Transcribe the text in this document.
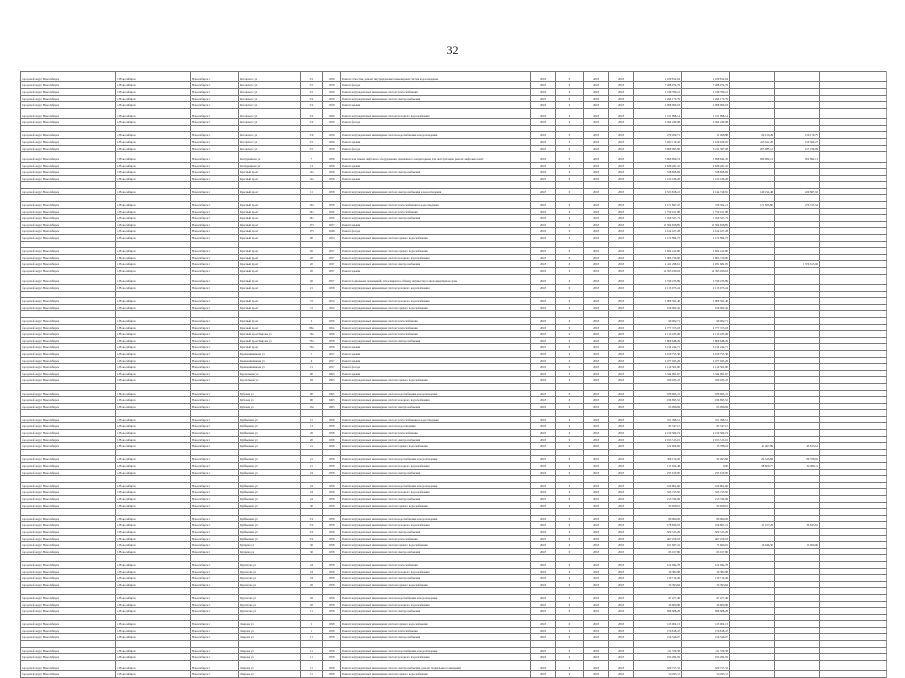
32
городской округ Новосибирск	г. Новосибирск	Новосибирск г	Котовского ул	5/1	1959	Ремонт отмостки, ремонт внутридомовых инженерных систем водоотведения	2018	0	2018	2018	1 108 812,04	1 108 812,04			
городской округ Новосибирск	г. Новосибирск	Новосибирск г	Котовского ул	5/1	1959	Ремонт фасада	2018	0	2018	2018	7 268 074,76	7 268 074,76			
городской округ Новосибирск	г. Новосибирск	Новосибирск г	Котовского ул	5/1	1959	Ремонт внутридомовых инженерных систем теплоснабжения	2018	0	2018	2018	1 198 780,21	1 198 780,21			
городской округ Новосибирск	г. Новосибирск	Новосибирск г	Котовского ул	5/2	1959	Ремонт внутридомовых инженерных систем электроснабжения	2018	0	2018	2018	1 294 172,79	1 294 172,79			
городской округ Новосибирск	г. Новосибирск	Новосибирск г	Котовского ул	5/2	1959	Ремонт крыши	2018	0	2018	2018	1 998 066,03	1 998 066,03			
городской округ Новосибирск	г. Новосибирск	Новосибирск г	Котовского ул	5/2	1959	Ремонт внутридомовых инженерных систем холодного водоснабжения	2018	0	2018	2018	1 011 898,14	1 011 898,14			
городской округ Новосибирск	г. Новосибирск	Новосибирск г	Котовского ул	5/2	1959	Ремонт фасада	2018	0	2018	2018	4 594 430,08	4 594 430,08			

городской округ Новосибирск	г. Новосибирск	Новосибирск г	Котовского ул	5/6	1959	Ремонт внутридомовых инженерных систем водоснабжения и водоотведения	2018	0	2018	2018	270 260,71	51 068,88	69 150,49	150 176,75	
городской округ Новосибирск	г. Новосибирск	Новосибирск г	Котовского ул	5/1	1959	Ремонт крыши	2018	0	2018	2018	5 022 119,42	1 619 029,05	415 611,20	150 506,27	
городской округ Новосибирск	г. Новосибирск	Новосибирск г	Котовского ул	5/1	1959	Ремонт фасада	2018	0	2018	2018	3 909 065,96	3 211 367,08	263 985,12	157 239,09	
городской округ Новосибирск	г. Новосибирск	Новосибирск г	Кошурникова ул	7	1958	Ремонт или замена лифтового оборудования, признанного непригодным для эксплуатации, ремонт лифтовых шахт	2018	0	2018	2018	3 860 696,74	1 998 642,45	999 982,13	952 892,13	
городской округ Новосибирск	г. Новосибирск	Новосибирск г	Кошурникова ул	13	1958	Ремонт крыши	2018	0	2018	2018	2 638 491,41	2 638 491,41			
городской округ Новосибирск	г. Новосибирск	Новосибирск г	Красный пр-кт	12а	1958	Ремонт внутридомовых инженерных систем электроснабжения	2018	0	2018	2018	538 858,69	538 858,69			
городской округ Новосибирск	г. Новосибирск	Новосибирск г	Красный пр-кт	12а	1958	Ремонт крыши	2018	0	2018	2018	1 123 166,26	1 123 166,26			

городской округ Новосибирск	г. Новосибирск	Новосибирск г	Красный пр-кт	11	1958	Ремонт внутридомовых инженерных систем электроснабжения и водоотведения	2018	0	2018	2018	2 523 818,21	2 144 749,81	149 192,46	229 867,92	

городской округ Новосибирск	г. Новосибирск	Новосибирск г	Красный пр-кт	19а	1956	Ремонт внутридомовых инженерных систем теплоснабжения и водоотведения	2018	0	2018	2018	1 171 897,47	729 562,21	171 823,80	270 723,54	
городской округ Новосибирск	г. Новосибирск	Новосибирск г	Красный пр-кт	161	1956	Ремонт внутридомовых инженерных систем теплоснабжения	2018	0	2018	2018	1 750 101,88	1 750 101,88			
городской округ Новосибирск	г. Новосибирск	Новосибирск г	Красный пр-кт	161	1956	Ремонт внутридомовых инженерных систем электроснабжения	2018	0	2018	2018	1 450 527,73	1 450 527,73			
городской округ Новосибирск	г. Новосибирск	Новосибирск г	Красный пр-кт	175	1957	Ремонт крыши	2018	0	2018	2018	11 504 658,85	11 504 658,85			
городской округ Новосибирск	г. Новосибирск	Новосибирск г	Красный пр-кт	175	1948	Ремонт фасада	2018	0	2018	2018	2 124 107,28	2 124 107,28			
городской округ Новосибирск	г. Новосибирск	Новосибирск г	Красный пр-кт	90	1953	Ремонт внутридомовых инженерных систем горячего водоснабжения	2018	0	2018	2018	1 172 894,75	1 172 894,75			

городской округ Новосибирск	г. Новосибирск	Новосибирск г	Красный пр-кт	20	1957	Ремонт внутридомовых инженерных систем горячего водоснабжения	2018	0	2018	2018	1 824 412,80	1 824 412,80			
городской округ Новосибирск	г. Новосибирск	Новосибирск г	Красный пр-кт	20	1957	Ремонт внутридомовых инженерных систем холодного водоснабжения	2018	0	2018	2018	1 003 750,00	1 003 750,00			
городской округ Новосибирск	г. Новосибирск	Новосибирск г	Красный пр-кт	20	1957	Ремонт внутридомовых инженерных систем электроснабжения	2018	0	2018	2018	2 411 298,61	1 031 682,95		1 379 615,66	
городской округ Новосибирск	г. Новосибирск	Новосибирск г	Красный пр-кт	20	1957	Ремонт крыши	2018	0	2018	2018	12 395 039,63	12 395 039,63			
городской округ Новосибирск	г. Новосибирск	Новосибирск г	Красный пр-кт	20	1957	Ремонт подвальных помещений, относящихся к общему имуществу в многоквартирном доме	2018	0	2018	2018	1 749 233,89	1 749 233,89			
городской округ Новосибирск	г. Новосибирск	Новосибирск г	Красный пр-кт	21	1958	Ремонт внутридомовых инженерных систем холодного водоснабжения	2018	0	2018	2018	2 115 073,24	2 115 073,24			

городской округ Новосибирск	г. Новосибирск	Новосибирск г	Красный пр-кт	31	1954	Ремонт внутридомовых инженерных систем холодного водоснабжения	2018	0	2018	2018	1 069 561,40	1 069 561,40			
городской округ Новосибирск	г. Новосибирск	Новосибирск г	Красный пр-кт	31	1954	Ремонт внутридомовых инженерных систем горячего водоснабжения	2018	0	2018	2018	910 002,42	910 002,42			

городской округ Новосибирск	г. Новосибирск	Новосибирск г	Красный пр-кт	5	1956	Ремонт внутридомовых инженерных систем теплоснабжения	2018	0	2018	2018	60 062,71	60 062,71			
городской округ Новосибирск	г. Новосибирск	Новосибирск г	Красный пр-кт	86а	1954	Ремонт внутридомовых инженерных систем теплоснабжения	2018	0	2018	2018	4 777 375,18	4 777 375,18			
городской округ Новосибирск	г. Новосибирск	Новосибирск г	Красный пр-кт/Кирова ул	79а	1958	Ремонт внутридомовых инженерных систем теплоснабжения	2018	0	2018	2018	2 113 183,06	2 113 183,06			
городской округ Новосибирск	г. Новосибирск	Новосибирск г	Красный пр-кт/Кирова ул	79а	1958	Ремонт внутридомовых инженерных систем электроснабжения	2018	0	2018	2018	1 809 648,29	1 809 648,29			
городской округ Новосибирск	г. Новосибирск	Новосибирск г	Красный пр-кт	79а	1958	Ремонт крыши	2018	0	2018	2018	5 154 244,71	5 154 244,71			
городской округ Новосибирск	г. Новосибирск	Новосибирск г	Крашенинникова ул	7	1957	Ремонт крыши	2018	0	2018	2018	4 109 753,30	4 109 753,30			
городской округ Новосибирск	г. Новосибирск	Новосибирск г	Крашенинникова ул	9	1957	Ремонт крыши	2018	0	2018	2018	4 477 945,26	4 477 945,26			
городской округ Новосибирск	г. Новосибирск	Новосибирск г	Крашенинникова ул	11	1957	Ремонт фасада	2018	0	2018	2018	2 119 502,60	2 119 502,60			
городской округ Новосибирск	г. Новосибирск	Новосибирск г	Кропоткина ул	90	1965	Ремонт крыши	2018	0	2018	2018	5 344 091,67	5 344 091,67			
городской округ Новосибирск	г. Новосибирск	Новосибирск г	Кропоткина ул	92	1965	Ремонт внутридомовых инженерных систем горячего водоснабжения	2018	0	2018	2018	180 933,23	180 933,23			

городской округ Новосибирск	г. Новосибирск	Новосибирск г	Кубовая ул	90	1965	Ремонт внутридомовых инженерных систем водоснабжения и водоотведения	2018	0	2018	2018	186 605,31	186 605,31			
городской округ Новосибирск	г. Новосибирск	Новосибирск г	Кубовая ул	90	1965	Ремонт внутридомовых инженерных систем холодного водоснабжения	2018	0	2018	2018	186 895,52	186 895,52			
городской округ Новосибирск	г. Новосибирск	Новосибирск г	Кубовая ул	13а	1965	Ремонт внутридомовых инженерных систем электроснабжения	2018	0	2018	2018	63 096,09	63 096,09			

городской округ Новосибирск	г. Новосибирск	Новосибирск г	Куйбышева ул	15	1958	Ремонт внутридомовых инженерных систем теплоснабжения и водоотведения	2018	0	2018	2018	551 398,51	551 398,51			
городской округ Новосибирск	г. Новосибирск	Новосибирск г	Куйбышева ул	13	1958	Ремонт внутридомовых инженерных систем водоотведения	2018	0	2018	2018	65 547,15	65 547,15			
городской округ Новосибирск	г. Новосибирск	Новосибирск г	Куйбышева ул	20	1958	Ремонт внутридомовых инженерных систем теплоснабжения	2018	0	2018	2018	2 219 560,19	2 219 560,19			
городской округ Новосибирск	г. Новосибирск	Новосибирск г	Куйбышева ул	20	1958	Ремонт внутридомовых инженерных систем электроснабжения	2018	0	2018	2018	2 013 513,01	2 013 513,01			
городской округ Новосибирск	г. Новосибирск	Новосибирск г	Куйбышева ул	21	1958	Ремонт внутридомовых инженерных систем горячего водоснабжения	2018	0	2018	2018	122 609,66	35 788,16	41 007,89	45 813,61	

городской округ Новосибирск	г. Новосибирск	Новосибирск г	Куйбышева ул	21	1958	Ремонт внутридомовых инженерных систем водоснабжения и водоотведения	2018	0	2018	2018	306 150,26	92 495,86	84 546,68	89 708,02	
городской округ Новосибирск	г. Новосибирск	Новосибирск г	Куйбышева ул	21	1958	Ремонт внутридомовых инженерных систем холодного водоснабжения	2018	0	2018	2018	115 654,48	0,00	68 609,77	32 006,11	
городской округ Новосибирск	г. Новосибирск	Новосибирск г	Куйбышева ул	24	1958	Ремонт внутридомовых инженерных систем электроснабжения	2018	0	2018	2018	235 610,85	235 610,85			

городской округ Новосибирск	г. Новосибирск	Новосибирск г	Куйбышева ул	24	1958	Ремонт внутридомовых инженерных систем водоснабжения и водоотведения	2018	0	2018	2018	410 802,66	410 802,66			
городской округ Новосибирск	г. Новосибирск	Новосибирск г	Куйбышева ул	24	1958	Ремонт внутридомовых инженерных систем холодного водоснабжения	2018	0	2018	2018	343 723,85	343 723,85			
городской округ Новосибирск	г. Новосибирск	Новосибирск г	Куйбышева ул	24	1958	Ремонт внутридомовых инженерных систем электроснабжения	2018	0	2018	2018	213 769,09	213 769,09			
городской округ Новосибирск	г. Новосибирск	Новосибирск г	Куйбышева ул	30	1958	Ремонт внутридомовых инженерных систем горячего водоснабжения	2018	0	2018	2018	93 658,01	93 658,01			

городской округ Новосибирск	г. Новосибирск	Новосибирск г	Куйбышева ул	5/2	1958	Ремонт внутридомовых инженерных систем водоснабжения и водоотведения	2018	0	2018	2018	80 060,26	80 060,26			
городской округ Новосибирск	г. Новосибирск	Новосибирск г	Куйбышева ул	5/2	1958	Ремонт внутридомовых инженерных систем холодного водоснабжения	2018	0	2018	2018	178 830,03	106 867,21	41 107,26	30 835,81	
городской округ Новосибирск	г. Новосибирск	Новосибирск г	Куйбышева ул	5/2	1958	Ремонт внутридомовых инженерных систем электроснабжения	2018	0	2018	2018	500 315,26	500 315,26			
городской округ Новосибирск	г. Новосибирск	Новосибирск г	Куйбышева ул	5/2	1958	Ремонт внутридомовых инженерных систем теплоснабжения	2018	0	2018	2018	467 250,93	467 250,93			
городской округ Новосибирск	г. Новосибирск	Новосибирск г	Куприна ул	30	1958	Ремонт внутридомовых инженерных систем горячего водоснабжения	2018	0	2018	2018	101 667,41	71 660,91	16 946,50	13 060,00	
городской округ Новосибирск	г. Новосибирск	Новосибирск г	Куприна ул	30	1958	Ремонт внутридомовых инженерных систем электроснабжения	2018	0	2018	2018	63 017,80	63 017,80			

городской округ Новосибирск	г. Новосибирск	Новосибирск г	Курчатова ул	24	1958	Ремонт внутридомовых инженерных систем теплоснабжения	2018	0	2018	2018	122 094,78	122 094,78			
городской округ Новосибирск	г. Новосибирск	Новосибирск г	Курчатова ул	24	1958	Ремонт внутридомовых инженерных систем холодного водоснабжения	2018	0	2018	2018	30 382,98	30 382,98			
городской округ Новосибирск	г. Новосибирск	Новосибирск г	Курчатова ул	24	1958	Ремонт внутридомовых инженерных систем электроснабжения	2018	0	2018	2018	110 710,49	110 710,49			
городской округ Новосибирск	г. Новосибирск	Новосибирск г	Курчатова ул	26	1958	Ремонт внутридомовых инженерных систем горячего водоснабжения	2018	0	2018	2018	55 393,84	55 393,84			

городской округ Новосибирск	г. Новосибирск	Новосибирск г	Курчатова ул	26	1958	Ремонт внутридомовых инженерных систем водоснабжения и водоотведения	2018	0	2018	2018	67 477,46	67 477,46			
городской округ Новосибирск	г. Новосибирск	Новосибирск г	Курчатова ул	26	1958	Ремонт внутридомовых инженерных систем холодного водоснабжения	2018	0	2018	2018	59 609,96	59 609,96			
городской округ Новосибирск	г. Новосибирск	Новосибирск г	Курчатова ул	11	1958	Ремонт внутридомовых инженерных систем электроснабжения	2018	0	2018	2018	696 608,28	696 608,28			

городской округ Новосибирск	г. Новосибирск	Новосибирск г	Лаврова ул	1	1958	Ремонт внутридомовых инженерных систем горячего водоснабжения	2018	0	2018	2018	115 902,13	115 902,13			
городской округ Новосибирск	г. Новосибирск	Новосибирск г	Лаврова ул	1	1958	Ремонт внутридомовых инженерных систем теплоснабжения	2018	0	2018	2018	176 818,47	176 818,47			
городской округ Новосибирск	г. Новосибирск	Новосибирск г	Лаврова ул	11	1958	Ремонт внутридомовых инженерных систем электроснабжения	2018	0	2018	2018	219 549,07	219 549,07			

городской округ Новосибирск	г. Новосибирск	Новосибирск г	Лаврова ул	11	1958	Ремонт внутридомовых инженерных систем водоснабжения и водоотведения	2018	0	2018	2018	111 559,58	111 559,58			
городской округ Новосибирск	г. Новосибирск	Новосибирск г	Лаврова ул	11	1958	Ремонт внутридомовых инженерных систем холодного водоснабжения	2018	0	2018	2018	195 284,59	195 284,59			
городской округ Новосибирск	г. Новосибирск	Новосибирск г	Лаврова ул	11	1958	Ремонт внутридомовых инженерных систем электроснабжения, ремонт подвальных помещений	2018	0	2018	2018	329 727,52	329 727,52			
городской округ Новосибирск	г. Новосибирск	Новосибирск г	Лаврова ул	11	1958	Ремонт внутридомовых инженерных систем горячего водоснабжения	2018	0	2018	2018	54 945,11	54 945,11			
